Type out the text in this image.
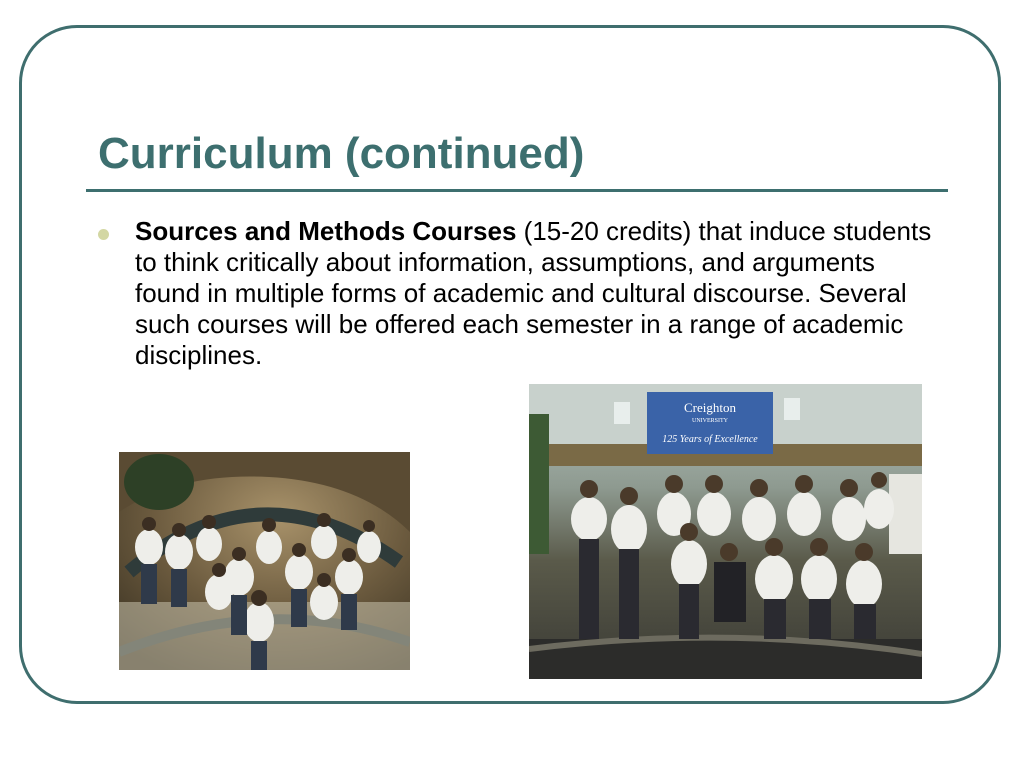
Curriculum (continued)

Sources and Methods Courses (15-20 credits) that induce students to think critically about information, assumptions, and arguments found in multiple forms of academic and cultural discourse. Several such courses will be offered each semester in a range of academic disciplines.

Creighton
UNIVERSITY
125 Years of Excellence
